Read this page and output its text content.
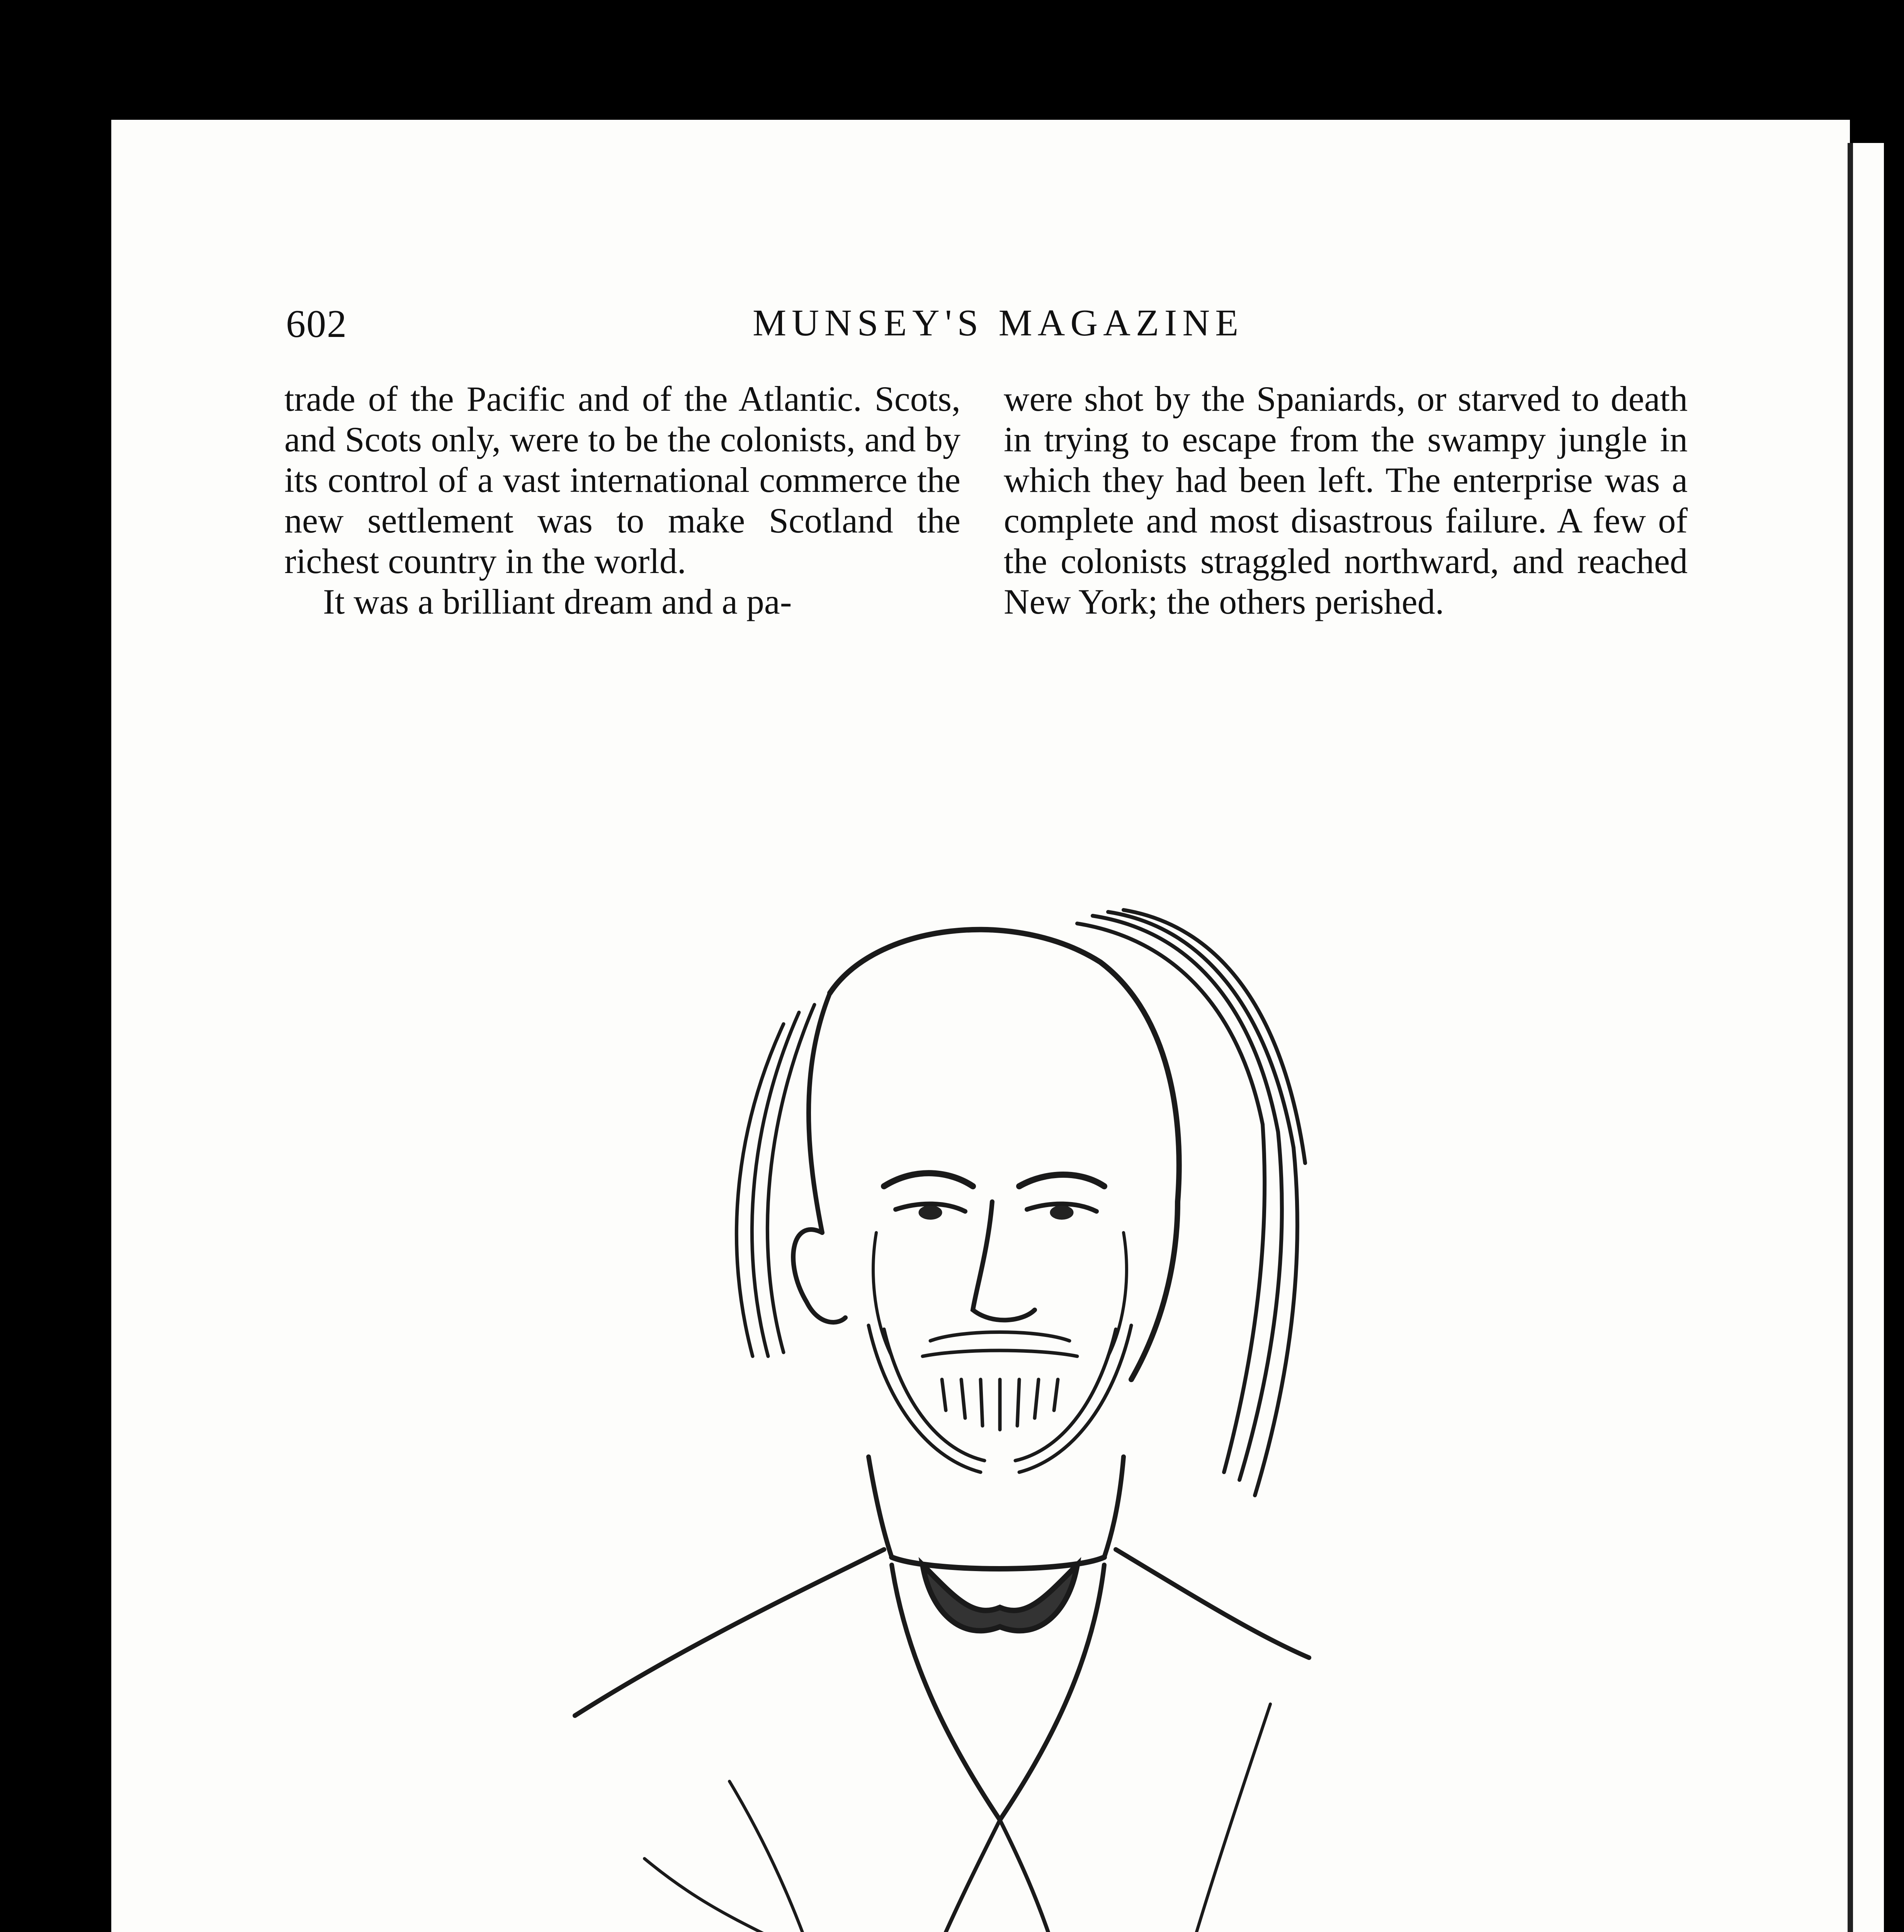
602	MUNSEY'S MAGAZINE

trade of the Pacific and of the Atlantic. Scots, and Scots only, were to be the colonists, and by its control of a vast international commerce the new settlement was to make Scotland the richest country in the world.

It was a brilliant dream and a pa-

were shot by the Spaniards, or starved to death in trying to escape from the swampy jungle in which they had been left. The enterprise was a complete and most disastrous failure. A few of the colonists straggled northward, and reached New York; the others perished.
